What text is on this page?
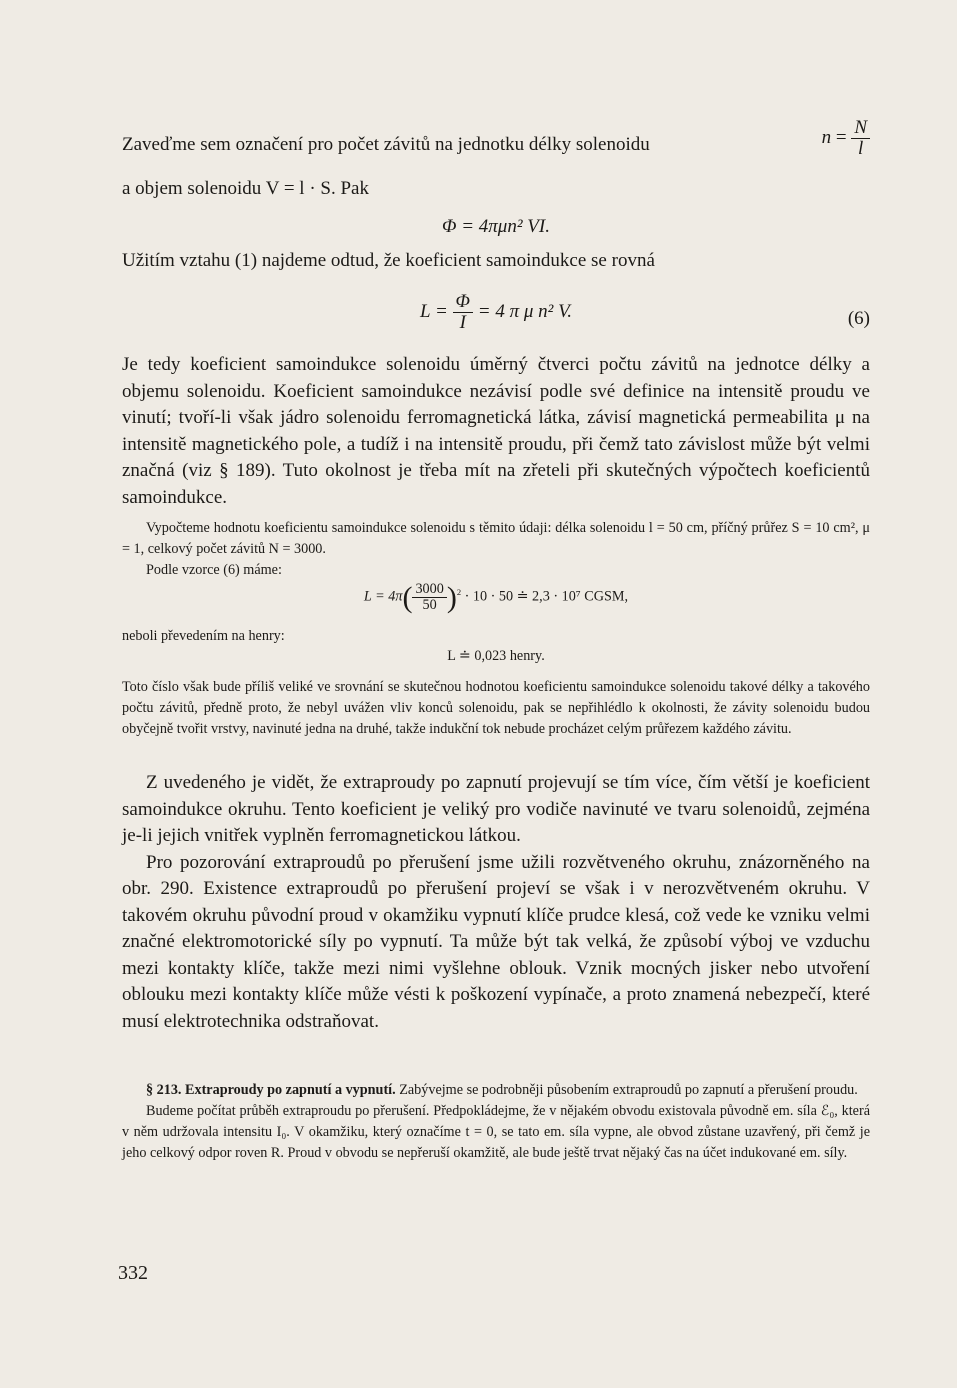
Zaveďme sem označení pro počet závitů na jednotku délky solenoidu	$n = \frac{N}{l}$

a objem solenoidu V = l · S. Pak

Φ = 4πμn² VI.

Užitím vztahu (1) najdeme odtud, že koeficient samoindukce se rovná

$L = \frac{\Phi}{I} = 4$ π μ n² V.	(6)

Je tedy koeficient samoindukce solenoidu úměrný čtverci počtu závitů na jednotce délky a objemu solenoidu. Koeficient samoindukce nezávisí podle své definice na intensitě proudu ve vinutí; tvoří-li však jádro solenoidu ferromagnetická látka, závisí magnetická permeabilita μ na intensitě magnetického pole, a tudíž i na intensitě proudu, při čemž tato závislost může být velmi značná (viz § 189). Tuto okolnost je třeba mít na zřeteli při skutečných výpočtech koeficientů samoindukce.

Vypočteme hodnotu koeficientu samoindukce solenoidu s těmito údaji: délka solenoidu l = 50 cm, příčný průřez S = 10 cm², μ = 1, celkový počet závitů N = 3000.

Podle vzorce (6) máme:

$L = 4\pi( \frac{3000}{50} )^2 \cdot 10 \cdot 50$ ≐ 2,3 · 10⁷ CGSM,

neboli převedením na henry:

L ≐ 0,023 henry.

Toto číslo však bude příliš veliké ve srovnání se skutečnou hodnotou koeficientu samoindukce solenoidu takové délky a takového počtu závitů, předně proto, že nebyl uvážen vliv konců solenoidu, pak se nepřihlédlo k okolnosti, že závity solenoidu budou obyčejně tvořit vrstvy, navinuté jedna na druhé, takže indukční tok nebude procházet celým průřezem každého závitu.

Z uvedeného je vidět, že extraproudy po zapnutí projevují se tím více, čím větší je koeficient samoindukce okruhu. Tento koeficient je veliký pro vodiče navinuté ve tvaru solenoidů, zejména je-li jejich vnitřek vyplněn ferromagnetickou látkou.

Pro pozorování extraproudů po přerušení jsme užili rozvětveného okruhu, znázorněného na obr. 290. Existence extraproudů po přerušení projeví se však i v nerozvětveném okruhu. V takovém okruhu původní proud v okamžiku vypnutí klíče prudce klesá, což vede ke vzniku velmi značné elektromotorické síly po vypnutí. Ta může být tak velká, že způsobí výboj ve vzduchu mezi kontakty klíče, takže mezi nimi vyšlehne oblouk. Vznik mocných jisker nebo utvoření oblouku mezi kontakty klíče může vésti k poškození vypínače, a proto znamená nebezpečí, které musí elektrotechnika odstraňovat.

§ 213. Extraproudy po zapnutí a vypnutí. Zabývejme se podrobněji působením extraproudů po zapnutí a přerušení proudu.

Budeme počítat průběh extraproudu po přerušení. Předpokládejme, že v nějakém obvodu existovala původně em. síla ℰ₀, která v něm udržovala intensitu I₀. V okamžiku, který označíme t = 0, se tato em. síla vypne, ale obvod zůstane uzavřený, při čemž je jeho celkový odpor roven R. Proud v obvodu se nepřeruší okamžitě, ale bude ještě trvat nějaký čas na účet indukované em. síly.

332
